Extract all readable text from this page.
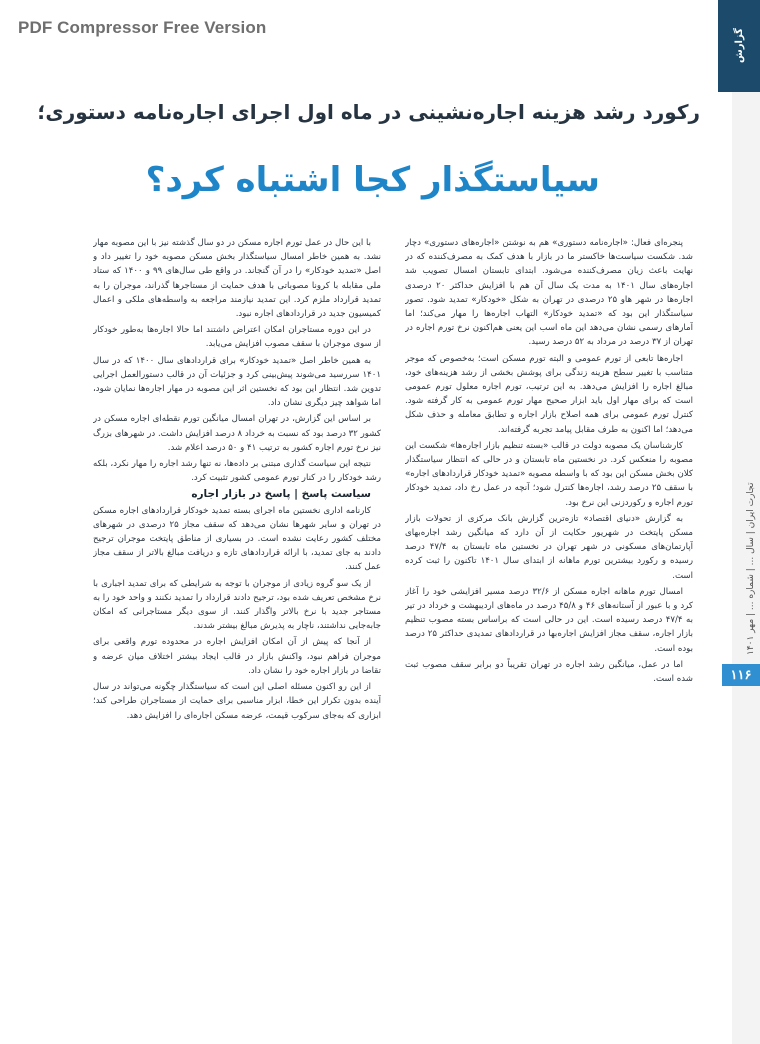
PDF Compressor Free Version
گزارش
تجارت ایران | سال ... | شماره ... | مهر ۱۴۰۱
۱۱۶
رکورد رشد هزینه اجاره‌نشینی در ماه اول اجرای اجاره‌نامه دستوری؛
سیاستگذار کجا اشتباه کرد؟

پنجره‌ای فعال: «اجاره‌نامه دستوری» هم به نوشتن «اجاره‌های دستوری» دچار شد. شکست سیاست‌ها خاکستر ما در بازار با هدف کمک به مصرف‌کننده که در نهایت باعث زیان مصرف‌کننده می‌شود. ابتدای تابستان امسال تصویب شد اجاره‌های سال ۱۴۰۱ به مدت یک سال آن هم با افزایش حداکثر ۲۰ درصدی اجاره‌ها در شهر هاو ۲۵ درصدی در تهران به شکل «خودکار» تمدید شود. تصور سیاستگذار این بود که «تمدید خودکار» التهاب اجاره‌ها را مهار می‌کند؛ اما آمارهای رسمی نشان می‌دهد این ماه اسب این یعنی هم‌اکنون نرخ تورم اجاره در تهران از ۳۷ درصد در مرداد به ۵۲ درصد رسید.

اجاره‌ها تابعی از تورم عمومی و البته تورم مسکن است؛ به‌خصوص که موجر متناسب با تغییر سطح هزینه زندگی برای پوشش بخشی از رشد هزینه‌های خود، مبالغ اجاره را افزایش می‌دهد. به این ترتیب، تورم اجاره معلول تورم عمومی است که برای مهار اول باید ابزار صحیح مهار تورم عمومی به کار گرفته شود. کنترل تورم عمومی برای همه اصلاح بازار اجاره و تطابق معامله و حذف شکل می‌دهد؛ اما اکنون به طرف مقابل پیامد تجربه گرفته‌اند.

کارشناسان یک مصوبه دولت در قالب «بسته تنظیم بازار اجاره‌ها» شکست این مصوبه را منعکس کرد. در نخستین ماه تابستان و در حالی که انتظار سیاستگذار کلان بخش مسکن این بود که با واسطه مصوبه «تمدید خودکار قراردادهای اجاره» با سقف ۲۵ درصد رشد، اجاره‌ها کنترل شود؛ آنچه در عمل رخ داد، تمدید خودکار تورم اجاره و رکوردزنی این نرخ بود.

به گزارش «دنیای اقتصاد» تازه‌ترین گزارش بانک مرکزی از تحولات بازار مسکن پایتخت در شهریور حکایت از آن دارد که میانگین رشد اجاره‌بهای آپارتمان‌های مسکونی در شهر تهران در نخستین ماه تابستان به ۴۷/۴ درصد رسیده و رکورد بیشترین تورم ماهانه از ابتدای سال ۱۴۰۱ تاکنون را ثبت کرده است.

امسال تورم ماهانه اجاره مسکن از ۳۲/۶ درصد مسیر افزایشی خود را آغاز کرد و با عبور از آستانه‌های ۴۶ و ۴۵/۸ درصد در ماه‌های اردیبهشت و خرداد در تیر به ۴۷/۴ درصد رسیده است. این در حالی است که براساس بسته مصوب تنظیم بازار اجاره، سقف مجاز افزایش اجاره‌بها در قراردادهای تمدیدی حداکثر ۲۵ درصد بوده است.

اما در عمل، میانگین رشد اجاره در تهران تقریباً دو برابر سقف مصوب ثبت شده است.

با این حال در عمل تورم اجاره مسکن در دو سال گذشته نیز با این مصوبه مهار نشد. به همین خاطر امسال سیاستگذار بخش مسکن مصوبه خود را تغییر داد و اصل «تمدید خودکار» را در آن گنجاند. در واقع طی سال‌های ۹۹ و ۱۴۰۰ که ستاد ملی مقابله با کرونا مصوباتی با هدف حمایت از مستاجرها گذراند، موجران را به تمدید قرارداد ملزم کرد. این تمدید نیازمند مراجعه به واسطه‌های ملکی و اعمال کمیسیون جدید در قراردادهای اجاره نبود.

در این دوره مستاجران امکان اعتراض داشتند اما حالا اجاره‌ها به‌طور خودکار از سوی موجران با سقف مصوب افزایش می‌یابد.

به همین خاطر اصل «تمدید خودکار» برای قراردادهای سال ۱۴۰۰ که در سال ۱۴۰۱ سررسید می‌شوند پیش‌بینی کرد و جزئیات آن در قالب دستورالعمل اجرایی تدوین شد. انتظار این بود که نخستین اثر این مصوبه در مهار اجاره‌ها نمایان شود، اما شواهد چیز دیگری نشان داد.

بر اساس این گزارش، در تهران امسال میانگین تورم نقطه‌ای اجاره مسکن در کشور ۳۲ درصد بود که نسبت به خرداد ۸ درصد افزایش داشت. در شهرهای بزرگ نیز نرخ تورم اجاره کشور به ترتیب ۴۱ و ۵۰ درصد اعلام شد.

نتیجه این سیاست گذاری مبتنی بر داده‌ها، نه تنها رشد اجاره را مهار نکرد، بلکه رشد خودکار را در کنار تورم عمومی کشور تثبیت کرد.

سیاست پاسخ | پاسخ در بازار اجاره

کارنامه اداری نخستین ماه اجرای بسته تمدید خودکار قراردادهای اجاره مسکن در تهران و سایر شهرها نشان می‌دهد که سقف مجاز ۲۵ درصدی در شهرهای مختلف کشور رعایت نشده است. در بسیاری از مناطق پایتخت موجران ترجیح دادند به جای تمدید، با ارائه قراردادهای تازه و دریافت مبالغ بالاتر از سقف مجاز عمل کنند.

از یک سو گروه زیادی از موجران با توجه به شرایطی که برای تمدید اجباری با نرخ مشخص تعریف شده بود، ترجیح دادند قرارداد را تمدید نکنند و واحد خود را به مستاجر جدید با نرخ بالاتر واگذار کنند. از سوی دیگر مستاجرانی که امکان جابه‌جایی نداشتند، ناچار به پذیرش مبالغ بیشتر شدند.

از آنجا که پیش از آن امکان افزایش اجاره در محدوده تورم واقعی برای موجران فراهم نبود، واکنش بازار در قالب ایجاد بیشتر اختلاف میان عرضه و تقاضا در بازار اجاره خود را نشان داد.

از این رو اکنون مسئله اصلی این است که سیاستگذار چگونه می‌تواند در سال آینده بدون تکرار این خطا، ابزار مناسبی برای حمایت از مستاجران طراحی کند؛ ابزاری که به‌جای سرکوب قیمت، عرضه مسکن اجاره‌ای را افزایش دهد.
